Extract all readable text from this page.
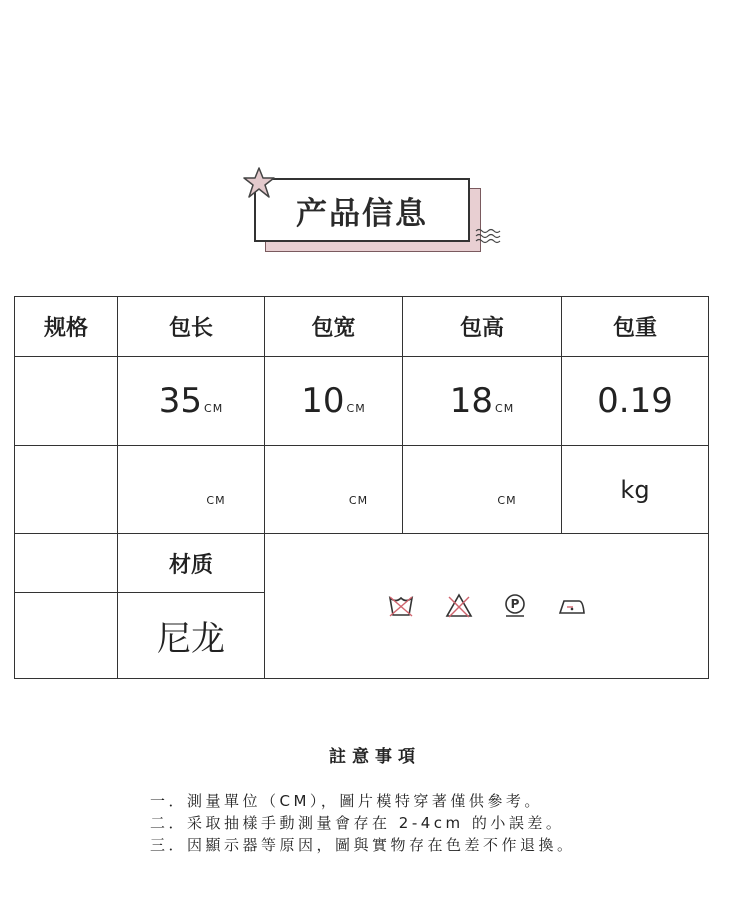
产品信息
规格	包长	包宽	包高	包重
	35 CM	10 CM	18 CM	0.19
	CM	CM	CM	kg
	材质	P		

	尼龙			
註意事項
一．測量單位（CM），圖片模特穿著僅供參考。
二．采取抽樣手動測量會存在 2-4cm 的小誤差。
三．因顯示器等原因，圖與實物存在色差不作退換。
